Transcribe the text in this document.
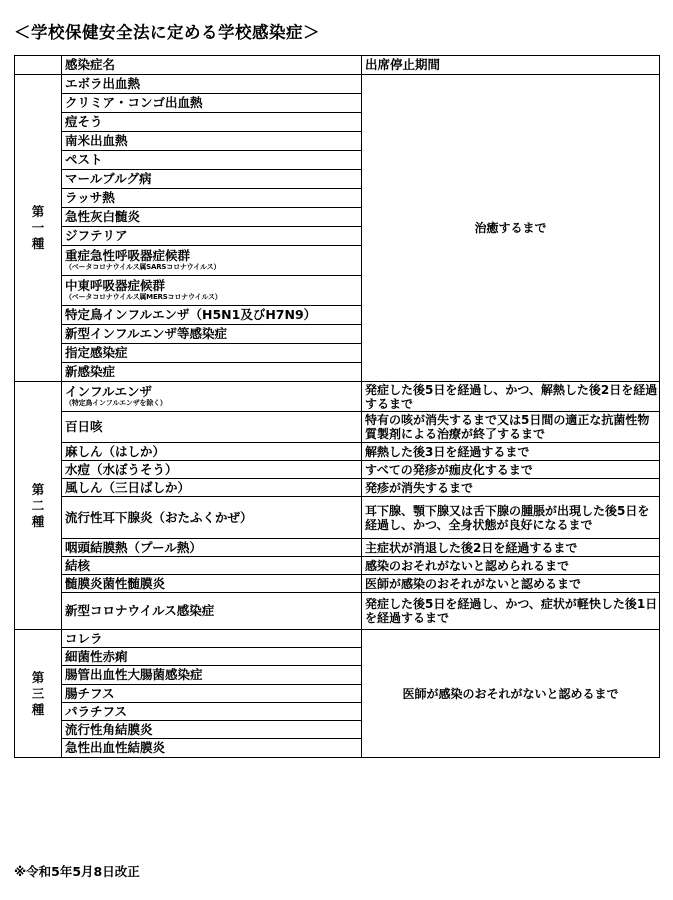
＜学校保健安全法に定める学校感染症＞
	感染症名	出席停止期間

第
一
種	エボラ出血熱	治癒するまで

	クリミア・コンゴ出血熱	

	痘そう	

	南米出血熱	

	ペスト	

	マールブルグ病	

	ラッサ熱	

	急性灰白髄炎	

	ジフテリア	

	重症急性呼吸器症候群
（ベータコロナウイルス属SARSコロナウイルス）	

	中東呼吸器症候群
（ベータコロナウイルス属MERSコロナウイルス）	

	特定鳥インフルエンザ（H5N1及びH7N9）	

	新型インフルエンザ等感染症	

	指定感染症	

	新感染症	

第
二
種	インフルエンザ
（特定鳥インフルエンザを除く）	発症した後5日を経過し、かつ、解熱した後2日を経過するまで

	百日咳	特有の咳が消失するまで又は5日間の適正な抗菌性物質製剤による治療が終了するまで

	麻しん（はしか）	解熱した後3日を経過するまで

	水痘（水ぼうそう）	すべての発疹が痂皮化するまで

	風しん（三日ばしか）	発疹が消失するまで

	流行性耳下腺炎（おたふくかぜ）	耳下腺、顎下腺又は舌下腺の腫脹が出現した後5日を経過し、かつ、全身状態が良好になるまで

	咽頭結膜熱（プール熱）	主症状が消退した後2日を経過するまで

	結核	感染のおそれがないと認められるまで

	髄膜炎菌性髄膜炎	医師が感染のおそれがないと認めるまで

	新型コロナウイルス感染症	発症した後5日を経過し、かつ、症状が軽快した後1日を経過するまで

第
三
種	コレラ	医師が感染のおそれがないと認めるまで

	細菌性赤痢	

	腸管出血性大腸菌感染症	

	腸チフス	

	パラチフス	

	流行性角結膜炎	

	急性出血性結膜炎	
※令和5年5月8日改正
